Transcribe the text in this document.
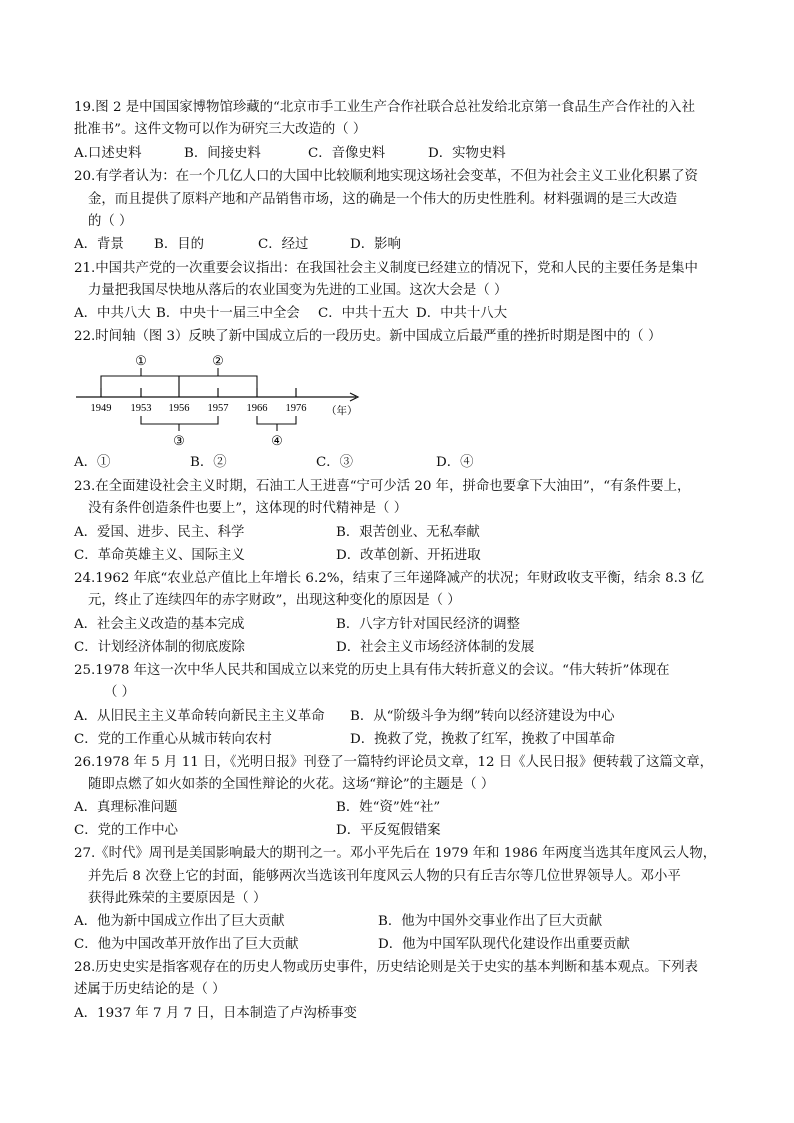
19.图 2 是中国国家博物馆珍藏的“北京市手工业生产合作社联合总社发给北京第一食品生产合作社的入社
批准书”。这件文物可以作为研究三大改造的（ ）
A.口述史料	B．间接史料	C．音像史料	D．实物史料
20.有学者认为：在一个几亿人口的大国中比较顺利地实现这场社会变革，不但为社会主义工业化积累了资
金，而且提供了原料产地和产品销售市场，这的确是一个伟大的历史性胜利。材料强调的是三大改造
的（ ）
A．背景 B．目的	C．经过	D．影响
21.中国共产党的一次重要会议指出：在我国社会主义制度已经建立的情况下，党和人民的主要任务是集中
力量把我国尽快地从落后的农业国变为先进的工业国。这次大会是（ ）
A．中共八大 B．中央十一届三中全会 C．中共十五大 D．中共十八大
22.时间轴（图 3）反映了新中国成立后的一段历史。新中国成立后最严重的挫折时期是图中的（ ）
1949 1953 1956 1957 1966 1976 （年）
①	②
③	④
A．①	B．②	C．③	D．④
23.在全面建设社会主义时期，石油工人王进喜“宁可少活 20 年，拼命也要拿下大油田”，“有条件要上，
没有条件创造条件也要上”，这体现的时代精神是（ ）
A．爱国、进步、民主、科学	B．艰苦创业、无私奉献
C．革命英雄主义、国际主义	D．改革创新、开拓进取
24.1962 年底“农业总产值比上年增长 6.2%，结束了三年递降减产的状况；年财政收支平衡，结余 8.3 亿
元，终止了连续四年的赤字财政”，出现这种变化的原因是（ ）
A．社会主义改造的基本完成	B．八字方针对国民经济的调整
C．计划经济体制的彻底废除	D．社会主义市场经济体制的发展
25.1978 年这一次中华人民共和国成立以来党的历史上具有伟大转折意义的会议。“伟大转折”体现在
（ ）
A．从旧民主主义革命转向新民主主义革命 B．从“阶级斗争为纲”转向以经济建设为中心
C．党的工作重心从城市转向农村	D．挽救了党，挽救了红军，挽救了中国革命
26.1978 年 5 月 11 日，《光明日报》刊登了一篇特约评论员文章，12 日《人民日报》便转载了这篇文章，
随即点燃了如火如荼的全国性辩论的火花。这场“辩论”的主题是（ ）
A．真理标准问题	B．姓“资”姓“社”
C．党的工作中心	D．平反冤假错案
27.《时代》周刊是美国影响最大的期刊之一。邓小平先后在 1979 年和 1986 年两度当选其年度风云人物，
并先后 8 次登上它的封面，能够两次当选该刊年度风云人物的只有丘吉尔等几位世界领导人。邓小平
获得此殊荣的主要原因是（ ）
A．他为新中国成立作出了巨大贡献	B．他为中国外交事业作出了巨大贡献
C．他为中国改革开放作出了巨大贡献	D．他为中国军队现代化建设作出重要贡献
28.历史史实是指客观存在的历史人物或历史事件，历史结论则是关于史实的基本判断和基本观点。下列表
述属于历史结论的是（ ）
A．1937 年 7 月 7 日，日本制造了卢沟桥事变
